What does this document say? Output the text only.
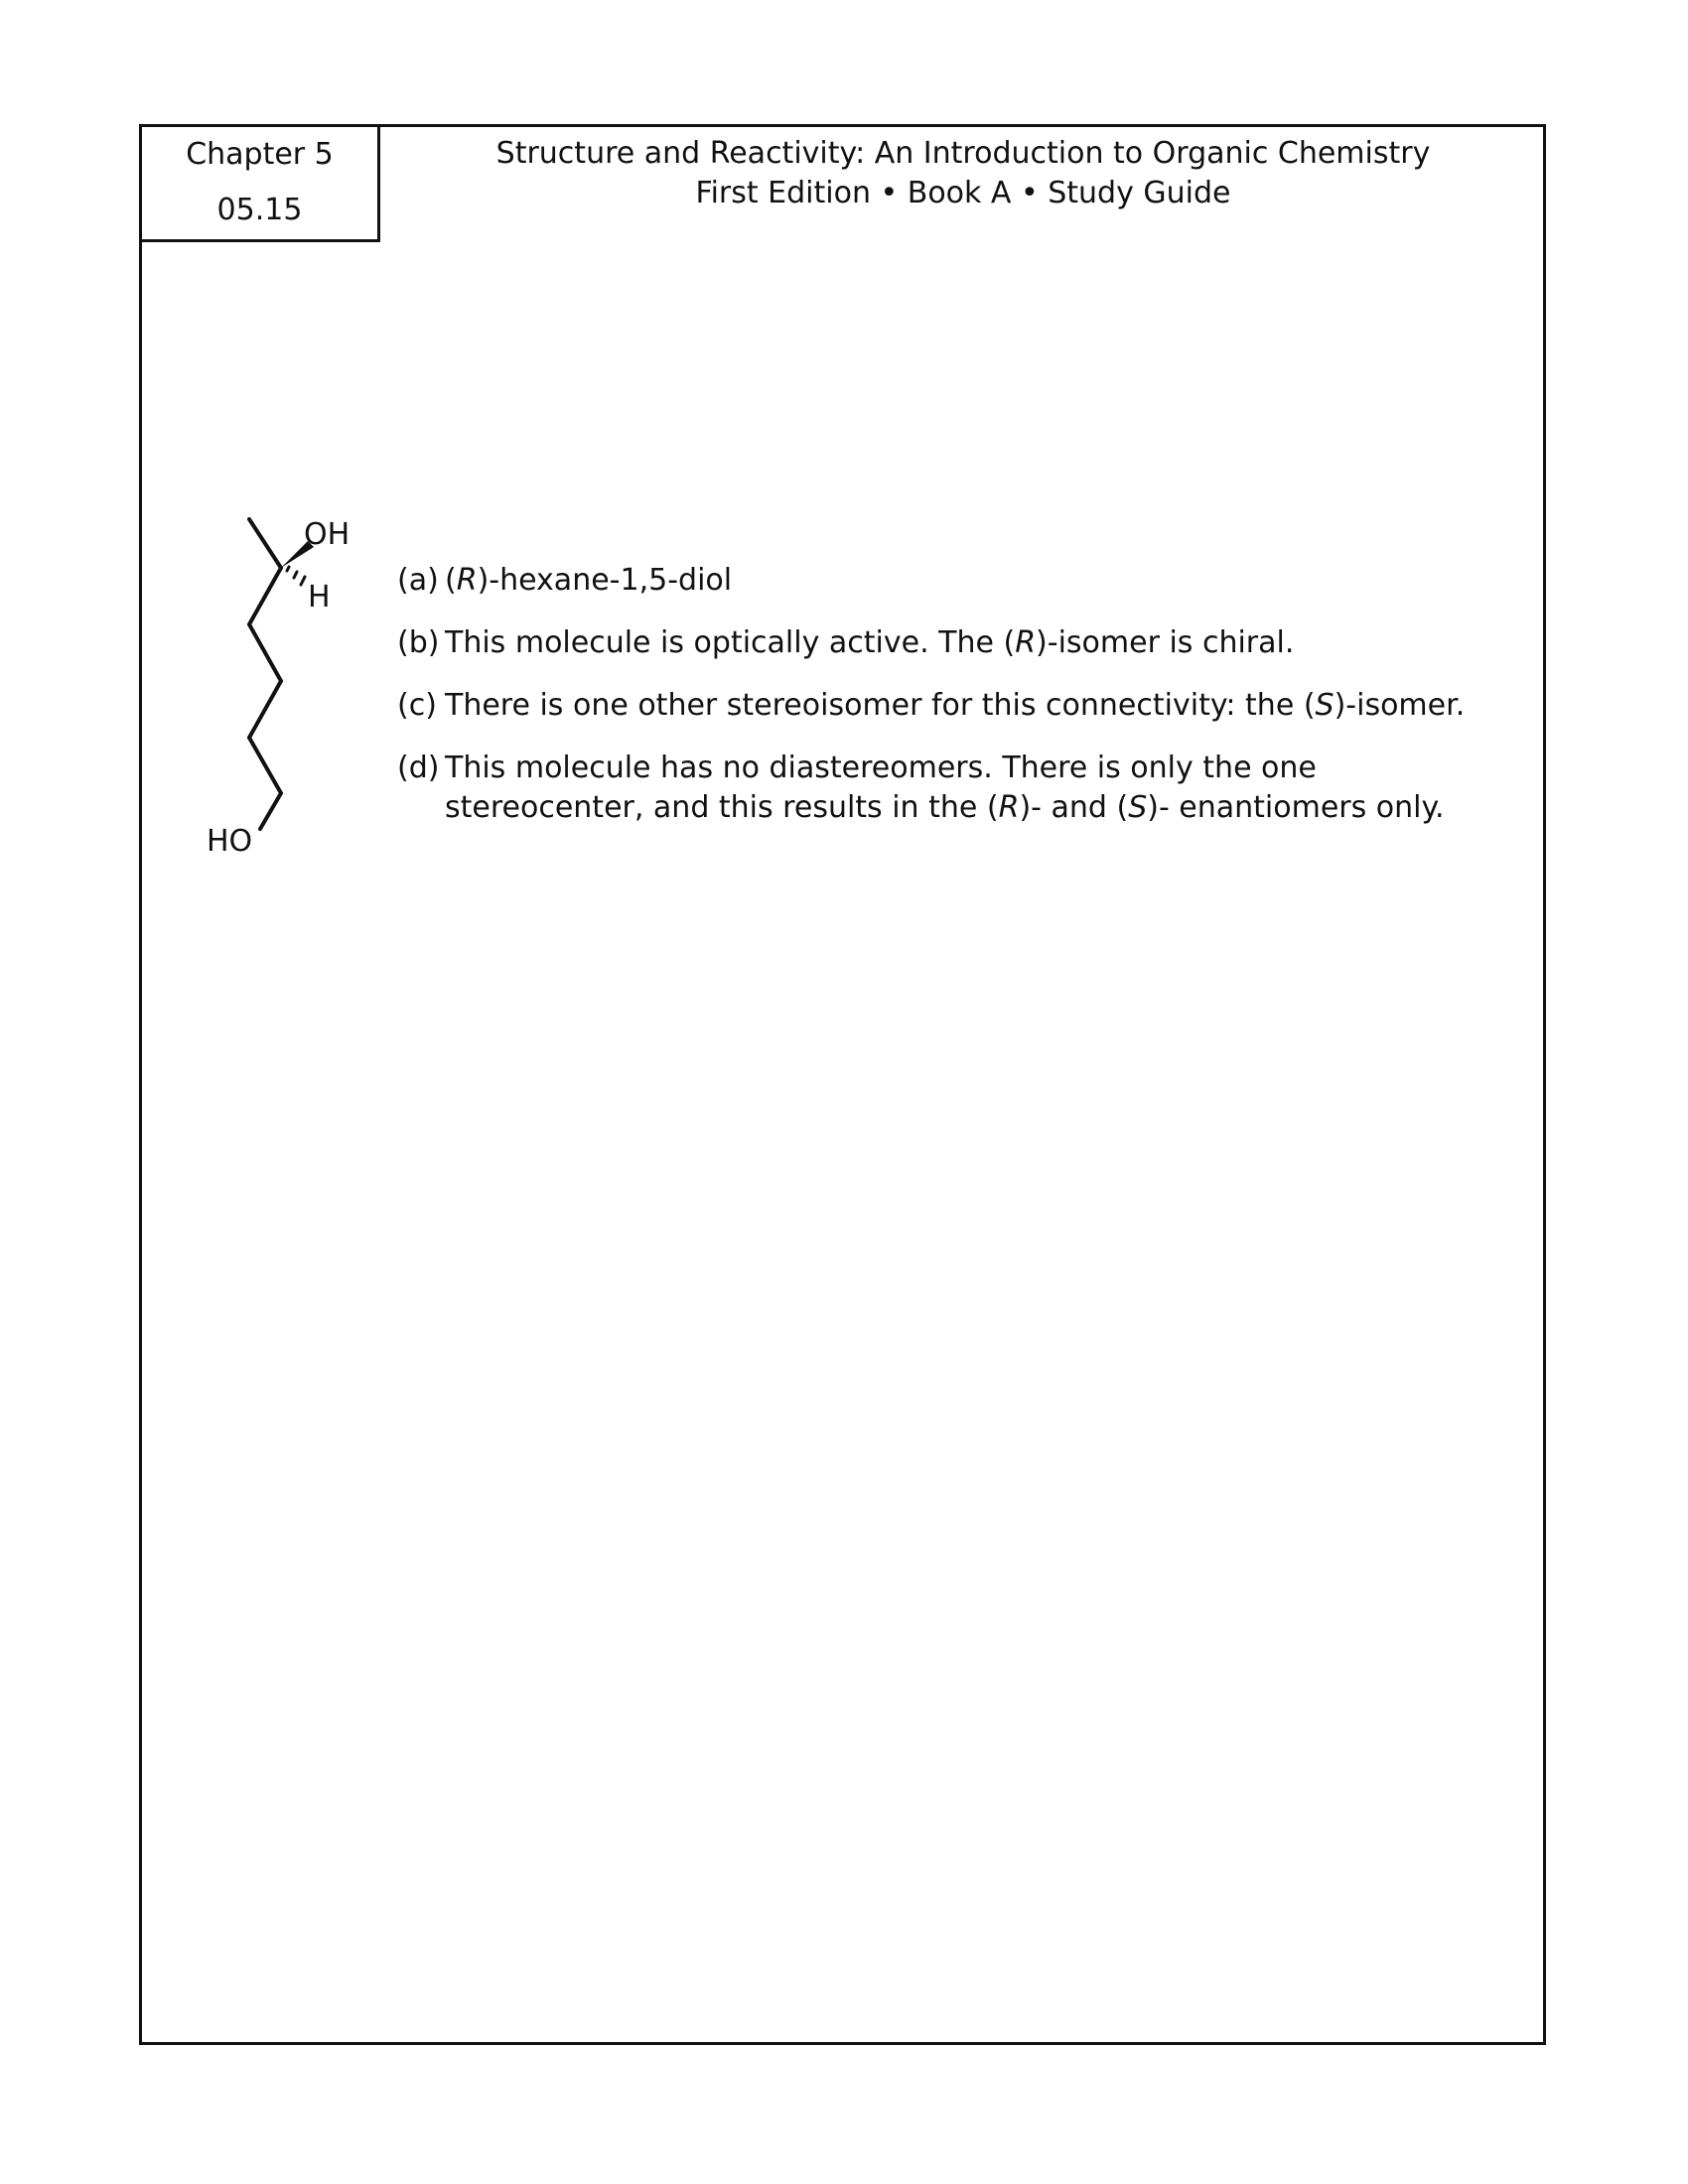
Chapter 5
05.15
Structure and Reactivity: An Introduction to Organic Chemistry
First Edition • Book A • Study Guide
OH
H
HO
(a) (R)-hexane-1,5-diol
(b) This molecule is optically active. The (R)-isomer is chiral.
(c) There is one other stereoisomer for this connectivity: the (S)-isomer.
(d) This molecule has no diastereomers. There is only the one stereocenter, and this results in the (R)- and (S)- enantiomers only.
